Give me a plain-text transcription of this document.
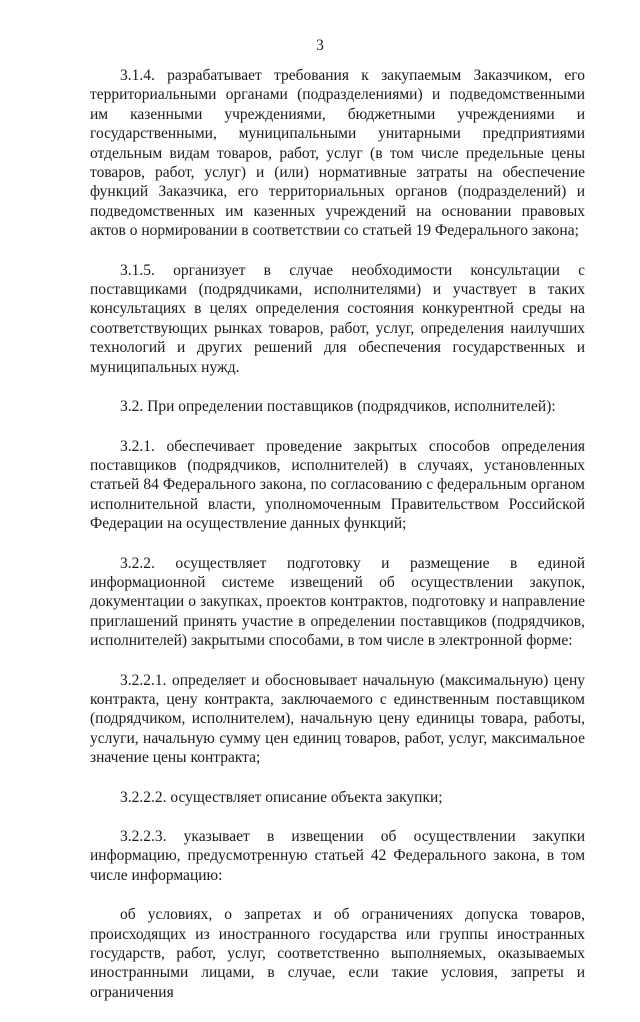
3

3.1.4. разрабатывает требования к закупаемым Заказчиком, его территориальными органами (подразделениями) и подведомственными им казенными учреждениями, бюджетными учреждениями и государственными, муниципальными унитарными предприятиями отдельным видам товаров, работ, услуг (в том числе предельные цены товаров, работ, услуг) и (или) нормативные затраты на обеспечение функций Заказчика, его территориальных органов (подразделений) и подведомственных им казенных учреждений на основании правовых актов о нормировании в соответствии со статьей 19 Федерального закона;

3.1.5. организует в случае необходимости консультации с поставщиками (подрядчиками, исполнителями) и участвует в таких консультациях в целях определения состояния конкурентной среды на соответствующих рынках товаров, работ, услуг, определения наилучших технологий и других решений для обеспечения государственных и муниципальных нужд.

3.2. При определении поставщиков (подрядчиков, исполнителей):

3.2.1. обеспечивает проведение закрытых способов определения поставщиков (подрядчиков, исполнителей) в случаях, установленных статьей 84 Федерального закона, по согласованию с федеральным органом исполнительной власти, уполномоченным Правительством Российской Федерации на осуществление данных функций;

3.2.2. осуществляет подготовку и размещение в единой информационной системе извещений об осуществлении закупок, документации о закупках, проектов контрактов, подготовку и направление приглашений принять участие в определении поставщиков (подрядчиков, исполнителей) закрытыми способами, в том числе в электронной форме:

3.2.2.1. определяет и обосновывает начальную (максимальную) цену контракта, цену контракта, заключаемого с единственным поставщиком (подрядчиком, исполнителем), начальную цену единицы товара, работы, услуги, начальную сумму цен единиц товаров, работ, услуг, максимальное значение цены контракта;

3.2.2.2. осуществляет описание объекта закупки;

3.2.2.3. указывает в извещении об осуществлении закупки информацию, предусмотренную статьей 42 Федерального закона, в том числе информацию:

об условиях, о запретах и об ограничениях допуска товаров, происходящих из иностранного государства или группы иностранных государств, работ, услуг, соответственно выполняемых, оказываемых иностранными лицами, в случае, если такие условия, запреты и ограничения
